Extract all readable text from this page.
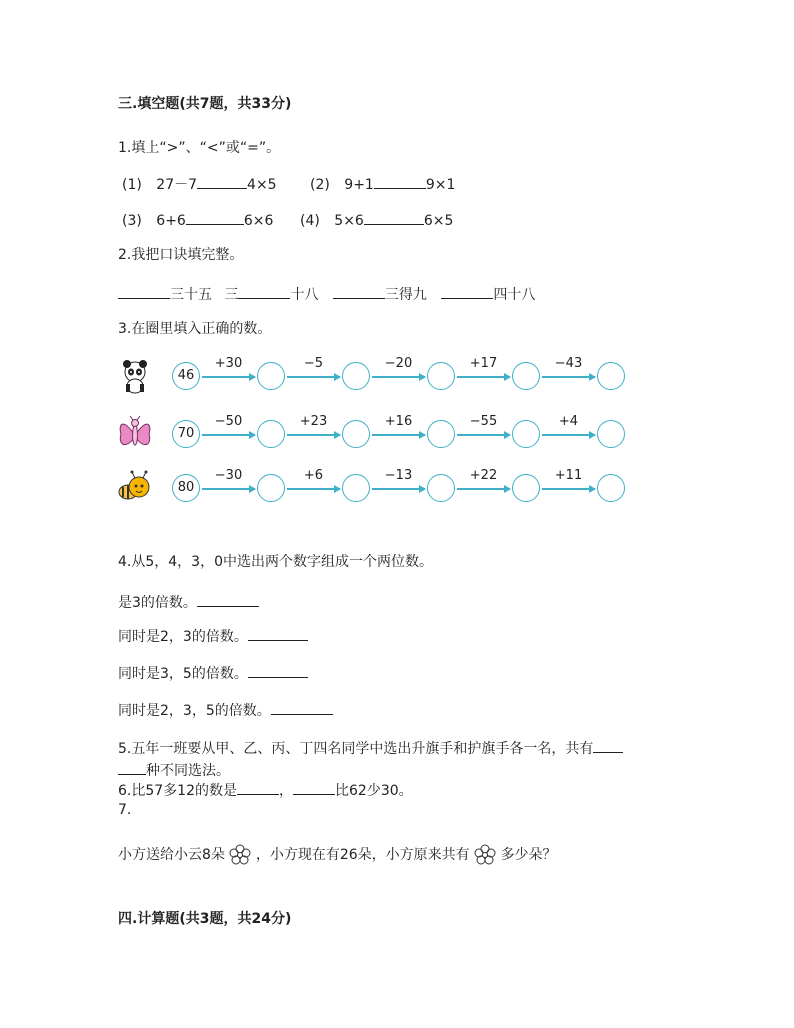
三.填空题(共7题，共33分)
1.填上“>”、“<”或“=”。
(1) 27－7	4×5 (2) 9+1	9×1
(3) 6+6	6×6 (4) 5×6	6×5
2.我把口诀填完整。
三十五 三	十八	三得九	四十八
3.在圈里填入正确的数。
46
+30	−5	−20	+17	−43
70
−50	+23	+16	−55	+4
80
−30	+6	−13	+22	+11
4.从5，4，3，0中选出两个数字组成一个两位数。
是3的倍数。
同时是2，3的倍数。
同时是3，5的倍数。
同时是2，3，5的倍数。
5.五年一班要从甲、乙、丙、丁四名同学中选出升旗手和护旗手各一名，共有
种不同选法。
6.比57多12的数是	，	比62少30。
7.
小方送给小云8朵 ，小方现在有26朵，小方原来共有 多少朵？
四.计算题(共3题，共24分)
